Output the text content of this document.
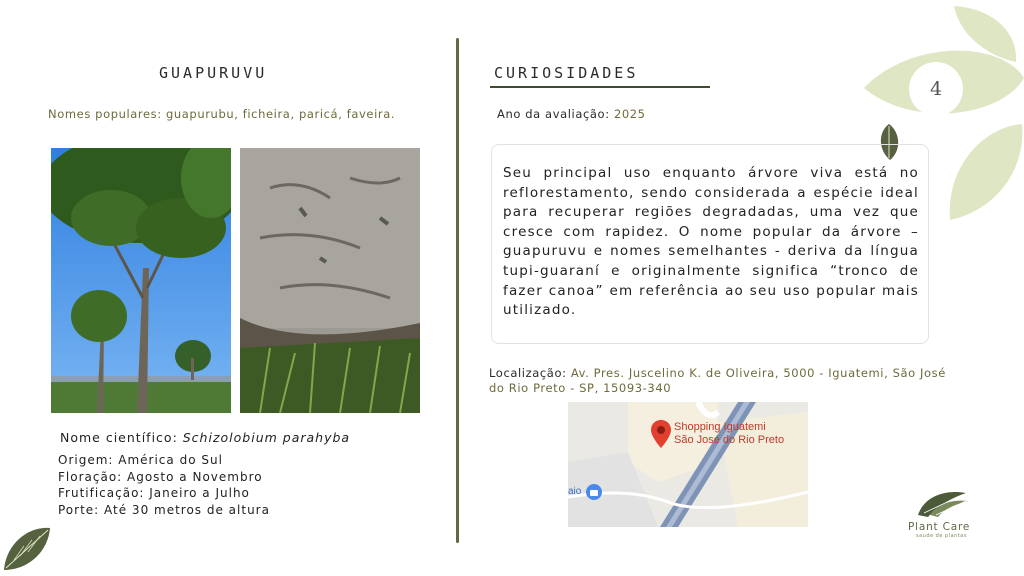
4
GUAPURUVU
Nomes populares: guapurubu, ficheira, paricá, faveira.
Nome científico: Schizolobium parahyba
Origem: América do Sul
Floração: Agosto a Novembro
Frutificação: Janeiro a Julho
Porte: Até 30 metros de altura
CURIOSIDADES
Ano da avaliação: 2025
Seu principal uso enquanto árvore viva está no reflorestamento, sendo considerada a espécie ideal para recuperar regiões degradadas, uma vez que cresce com rapidez. O nome popular da árvore – guapuruvu e nomes semelhantes - deriva da língua tupi-guaraní e originalmente significa “tronco de fazer canoa” em referência ao seu uso popular mais utilizado.
Localização: Av. Pres. Juscelino K. de Oliveira, 5000 - Iguatemi, São José
do Rio Preto - SP, 15093-340
Shopping Iguatemi
São José do Rio Preto
aio
Plant Care
saude de plantas
